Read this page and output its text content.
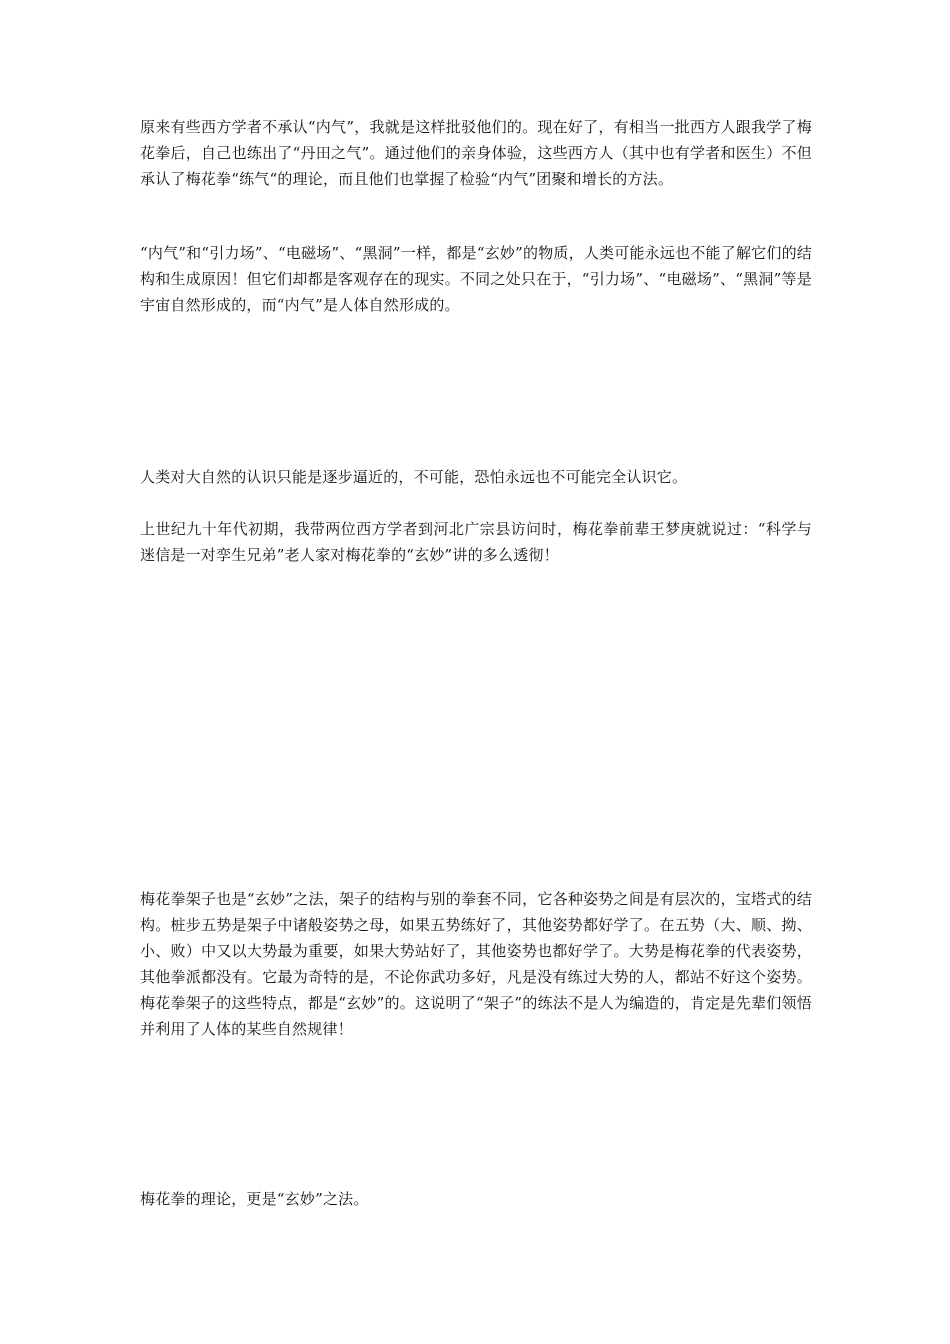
原来有些西方学者不承认“内气”，我就是这样批驳他们的。现在好了，有相当一批西方人跟我学了梅花拳后，自己也练出了“丹田之气”。通过他们的亲身体验，这些西方人（其中也有学者和医生）不但承认了梅花拳“练气“的理论，而且他们也掌握了检验“内气”团聚和增长的方法。

“内气”和“引力场”、“电磁场”、“黑洞”一样，都是“玄妙”的物质，人类可能永远也不能了解它们的结构和生成原因！但它们却都是客观存在的现实。不同之处只在于，“引力场”、“电磁场”、“黑洞”等是宇宙自然形成的，而“内气”是人体自然形成的。

人类对大自然的认识只能是逐步逼近的，不可能，恐怕永远也不可能完全认识它。

上世纪九十年代初期，我带两位西方学者到河北广宗县访问时，梅花拳前辈王梦庚就说过：“科学与迷信是一对孪生兄弟”老人家对梅花拳的“玄妙”讲的多么透彻！

梅花拳架子也是“玄妙”之法，架子的结构与别的拳套不同，它各种姿势之间是有层次的，宝塔式的结构。桩步五势是架子中诸般姿势之母，如果五势练好了，其他姿势都好学了。在五势（大、顺、拗、小、败）中又以大势最为重要，如果大势站好了，其他姿势也都好学了。大势是梅花拳的代表姿势，其他拳派都没有。它最为奇特的是，不论你武功多好，凡是没有练过大势的人，都站不好这个姿势。梅花拳架子的这些特点，都是“玄妙”的。这说明了“架子”的练法不是人为编造的，肯定是先辈们领悟并利用了人体的某些自然规律！

梅花拳的理论，更是“玄妙”之法。
